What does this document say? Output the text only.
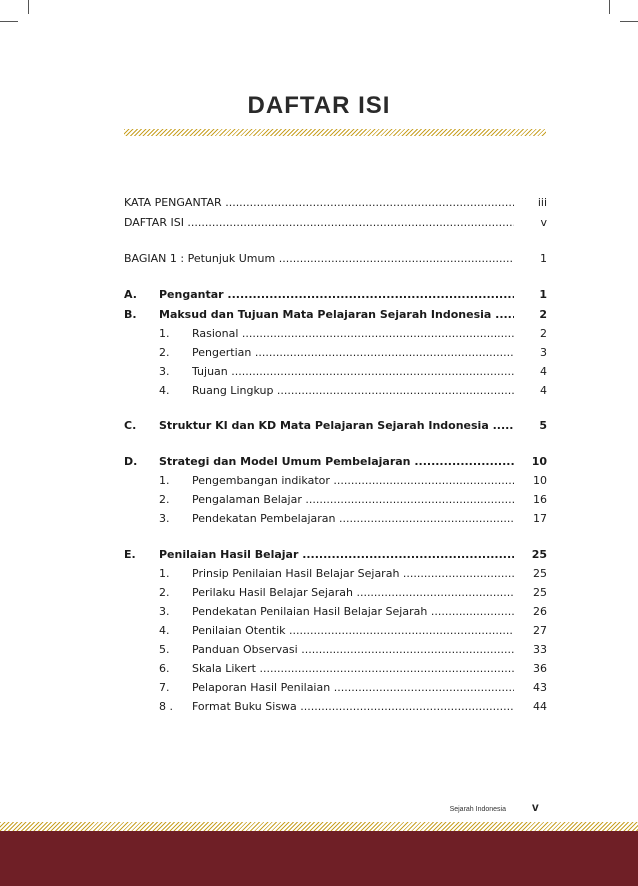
DAFTAR ISI
KATA PENGANTAR .....	iii
DAFTAR ISI .....	v
BAGIAN 1 : Petunjuk Umum .....	1
A. Pengantar .....	1
B. Maksud dan Tujuan Mata Pelajaran Sejarah Indonesia .....	2
1. Rasional .....	2
2. Pengertian .....	3
3. Tujuan .....	4
4. Ruang Lingkup .....	4
C. Struktur KI dan KD Mata Pelajaran Sejarah Indonesia .....	5
D. Strategi dan Model Umum Pembelajaran .....	10
1. Pengembangan indikator .....	10
2. Pengalaman Belajar .....	16
3. Pendekatan Pembelajaran .....	17
E. Penilaian Hasil Belajar .....	25
1. Prinsip Penilaian Hasil Belajar Sejarah .....	25
2. Perilaku Hasil Belajar Sejarah .....	25
3. Pendekatan Penilaian Hasil Belajar Sejarah .....	26
4. Penilaian Otentik .....	27
5. Panduan Observasi .....	33
6. Skala Likert .....	36
7. Pelaporan Hasil Penilaian .....	43
8 . Format Buku Siswa .....	44
Sejarah Indonesia v
